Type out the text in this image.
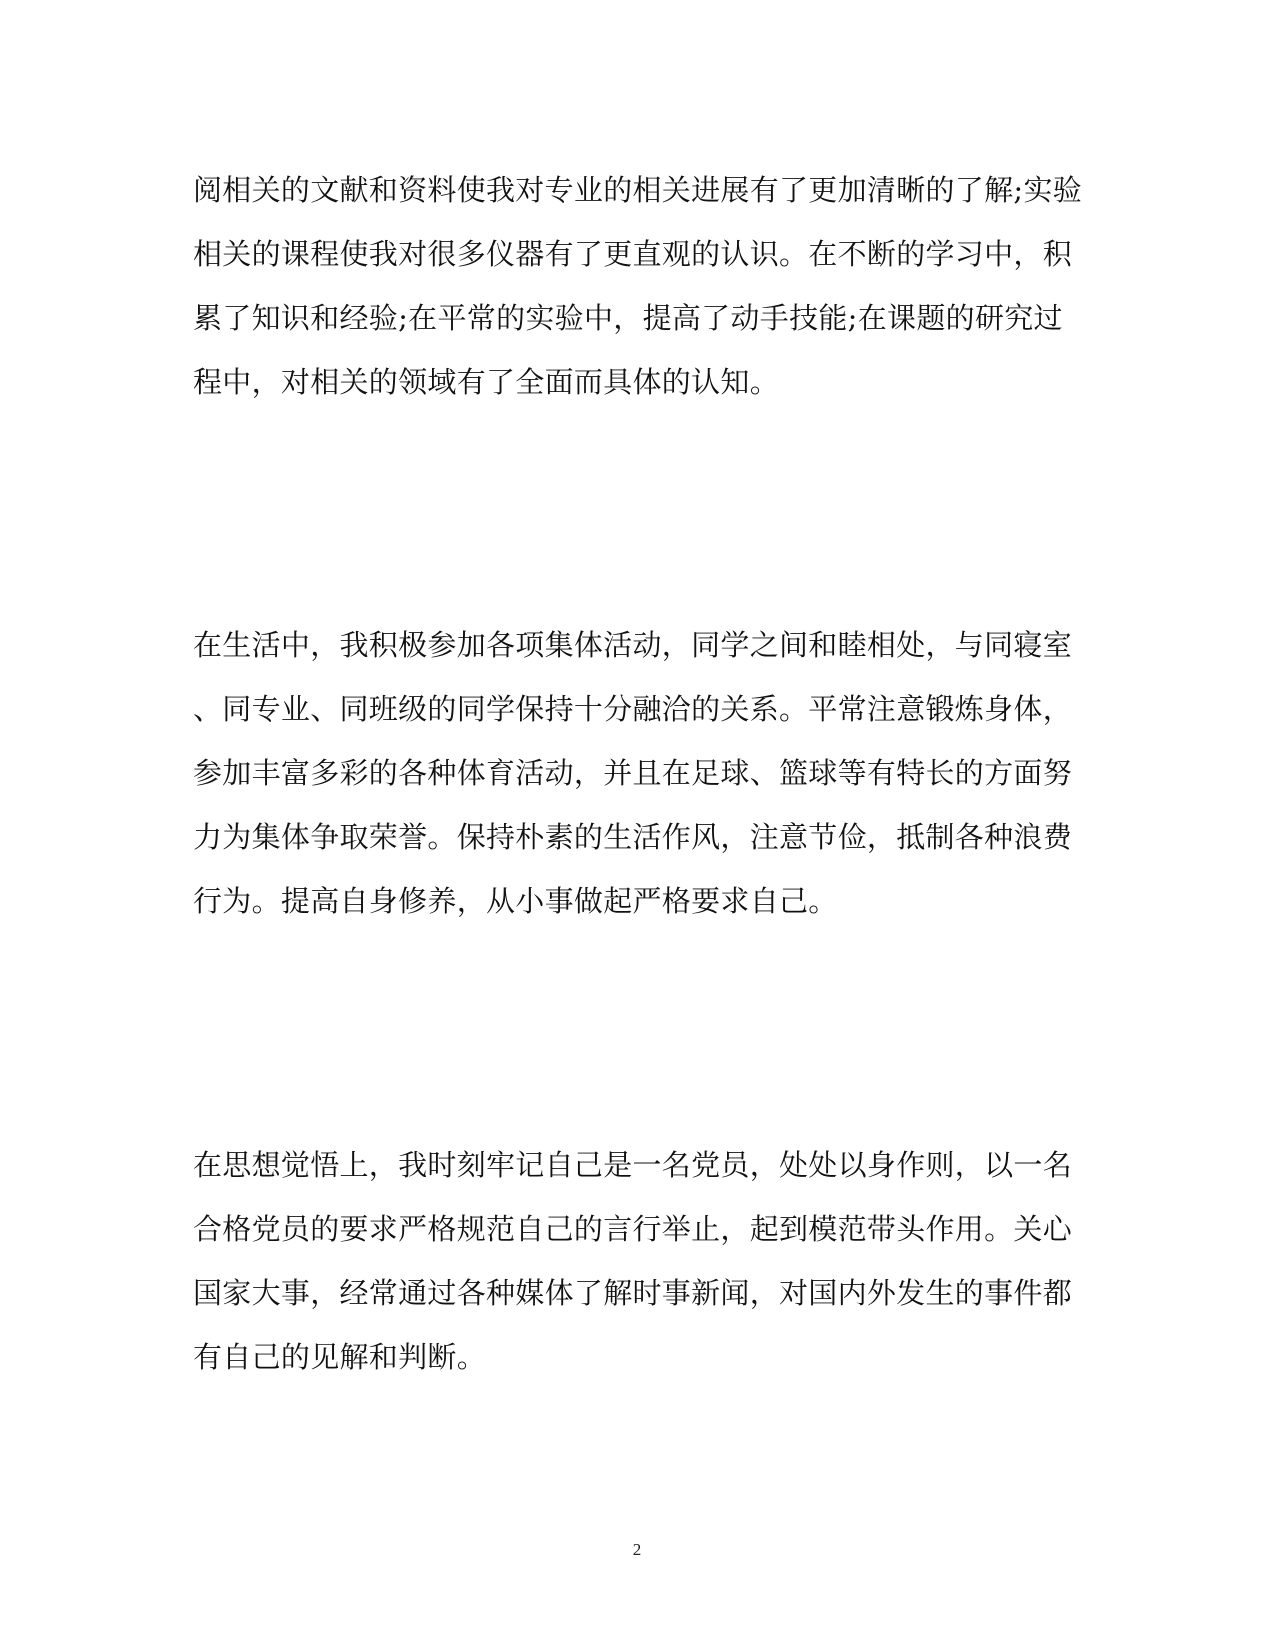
阅相关的文献和资料使我对专业的相关进展有了更加清晰的了解;实验
相关的课程使我对很多仪器有了更直观的认识。在不断的学习中，积
累了知识和经验;在平常的实验中，提高了动手技能;在课题的研究过
程中，对相关的领域有了全面而具体的认知。
在生活中，我积极参加各项集体活动，同学之间和睦相处，与同寝室
、同专业、同班级的同学保持十分融洽的关系。平常注意锻炼身体，
参加丰富多彩的各种体育活动，并且在足球、篮球等有特长的方面努
力为集体争取荣誉。保持朴素的生活作风，注意节俭，抵制各种浪费
行为。提高自身修养，从小事做起严格要求自己。
在思想觉悟上，我时刻牢记自己是一名党员，处处以身作则，以一名
合格党员的要求严格规范自己的言行举止，起到模范带头作用。关心
国家大事，经常通过各种媒体了解时事新闻，对国内外发生的事件都
有自己的见解和判断。
2
